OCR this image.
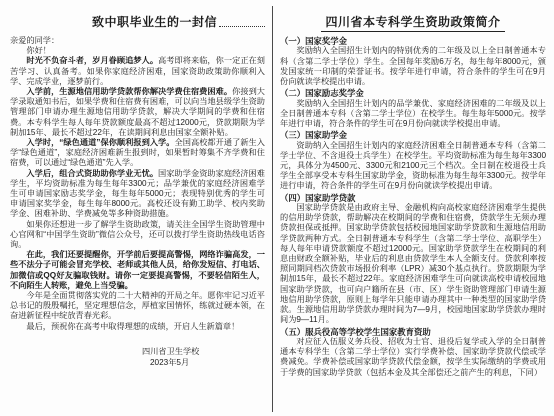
致中职毕业生的一封信

亲爱的同学：

你好！

时光不负奋斗者，岁月眷顾追梦人。高考即将来临，你一定正在刻苦学习、认真备考。如果你家庭经济困难，国家资助政策助你顺利入学、完成学业，逐梦前行。

入学前，生源地信用助学贷款帮你解决学费住宿费困难。你接到大学录取通知书后，如果学费和住宿费有困难，可以向当地县级学生资助管理部门申请办理生源地信用助学贷款，解决大学期间的学费和住宿费。本专科学生每人每年贷款额度最高不超过12000元，贷款期限为学制加15年、最长不超过22年，在读期间利息由国家全额补贴。

入学时，“绿色通道”保你顺利报到入学。全国高校都开通了新生入学“绿色通道”，家庭经济困难新生报到时，如果暂时筹集不齐学费和住宿费，可以通过“绿色通道”先入学。

入学后，组合式资助助你学业无忧。国家助学金资助家庭经济困难学生，平均资助标准为每生每年3300元；品学兼优的家庭经济困难学生可申请国家励志奖学金，每生每年5000元；表现特别优秀的学生可申请国家奖学金，每生每年8000元。高校还设有勤工助学、校内奖助学金、困难补助、学费减免等多种资助措施。

如果你还想进一步了解学生资助政策，请关注全国学生资助管理中心官网和“中国学生资助”微信公众号，还可以拨打学生资助热线电话咨询。

在此，我们还要提醒你，开学前后要提高警惕，网络诈骗高发，一些不法分子可能会冒充学校、老师或其他人员，给你发短信、打电话、加微信或QQ好友骗取钱财。请你一定要提高警惕，不要轻信陌生人，不向陌生人转账，避免上当受骗。

今年是全面贯彻落实党的二十大精神的开局之年。愿你牢记习近平总书记的殷殷嘱托，坚定理想信念，厚植家国情怀，练就过硬本领，在奋进新征程中绽放青春光彩。

最后，预祝你在高考中取得理想的成绩，开启人生新篇章！

四川省卫生学校

2023年5月

四川省本专科学生资助政策简介

（一）国家奖学金

奖励纳入全国招生计划内的特别优秀的二年级及以上全日制普通本专科（含第二学士学位）学生。全国每年奖励6万名，每生每年8000元，颁发国家统一印制的荣誉证书。按学年进行申请，符合条件的学生可在9月份向就读学校提出申请。

（二）国家励志奖学金

奖励纳入全国招生计划内的品学兼优、家庭经济困难的二年级及以上全日制普通本专科（含第二学士学位）在校学生。每生每年5000元。按学年进行申请，符合条件的学生可在9月份向就读学校提出申请。

（三）国家助学金

资助纳入全国招生计划内的家庭经济困难全日制普通本专科（含第二学士学位、不含退役士兵学生）在校学生。平均资助标准为每生每年3300元，具体分为4500元、3300元和2100元三个档次。全日制在校退役士兵学生全部享受本专科生国家助学金，资助标准为每生每年3300元。按学年进行申请，符合条件的学生可在9月份向就读学校提出申请。

（四）国家助学贷款

国家助学贷款是由政府主导、金融机构向高校家庭经济困难学生提供的信用助学贷款，帮助解决在校期间的学费和住宿费，贷款学生无须办理贷款担保或抵押。国家助学贷款包括校园地国家助学贷款和生源地信用助学贷款两种方式。全日制普通本专科学生（含第二学士学位、高职学生）每人每年申请贷款额度不超过12000元。国家助学贷款学生在校期间的利息由财政全额补贴，毕业后的利息由贷款学生本人全额支付。贷款利率按照同期同档次贷款市场报价利率（LPR）减30个基点执行。贷款期限为学制加15年，最长不超过22年。家庭经济困难学生可向就读高校申请校园地国家助学贷款，也可向户籍所在县（市、区）学生资助管理部门申请生源地信用助学贷款，原则上每学年只能申请办理其中一种类型的国家助学贷款。生源地信用助学贷款办理时间为7—9月，校园地国家助学贷款办理时间为9—11月。

（五）服兵役高等学校学生国家教育资助

对应征入伍服义务兵役、招收为士官、退役后复学或入学的全日制普通本专科学生（含第二学士学位）实行学费补偿、国家助学贷款代偿或学费减免。学费补偿或国家助学贷款代偿金额，按学生实际缴纳的学费或用于学费的国家助学贷款（包括本金及其全部偿还之前产生的利息，下同）
